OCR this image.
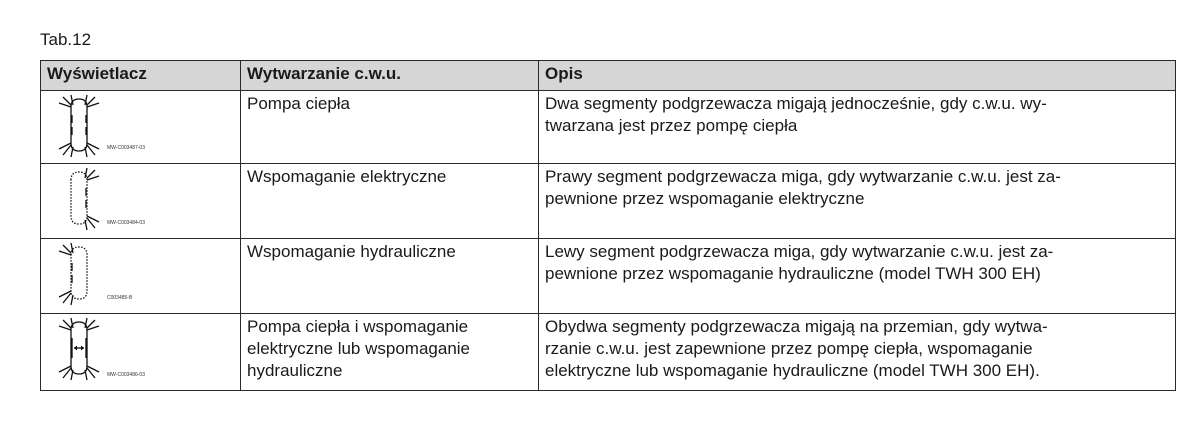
Tab.12
Wyświetlacz	Wytwarzanie c.w.u.	Opis

MW-C003487-03	Pompa ciepła	Dwa segmenty podgrzewacza migają jednocześnie, gdy c.w.u. wy-
twarzana jest przez pompę ciepła

MW-C003484-03	Wspomaganie elektryczne	Prawy segment podgrzewacza miga, gdy wytwarzanie c.w.u. jest za-
pewnione przez wspomaganie elektryczne

C003485-B	Wspomaganie hydrauliczne	Lewy segment podgrzewacza miga, gdy wytwarzanie c.w.u. jest za-
pewnione przez wspomaganie hydrauliczne (model TWH 300 EH)

MW-C003486-03	Pompa ciepła i wspomaganie
elektryczne lub wspomaganie
hydrauliczne	Obydwa segmenty podgrzewacza migają na przemian, gdy wytwa-
rzanie c.w.u. jest zapewnione przez pompę ciepła, wspomaganie
elektryczne lub wspomaganie hydrauliczne (model TWH 300 EH).
